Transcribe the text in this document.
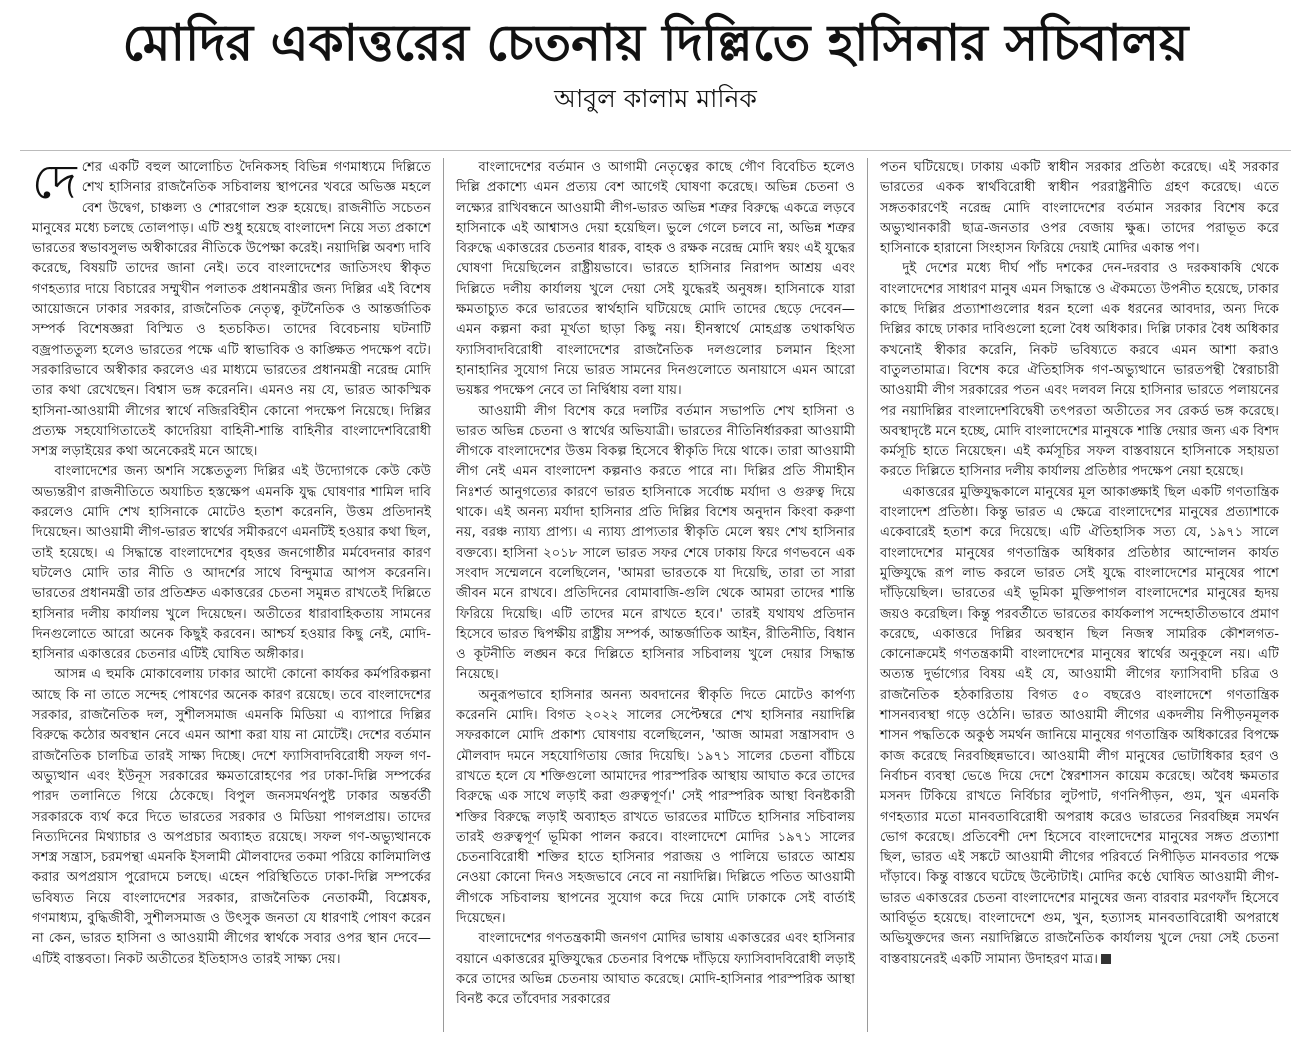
মোদির একাত্তরের চেতনায় দিল্লিতে হাসিনার সচিবালয়
আবুল কালাম মানিক

দেশের একটি বহুল আলোচিত দৈনিকসহ বিভিন্ন গণমাধ্যমে দিল্লিতে শেখ হাসিনার রাজনৈতিক সচিবালয় স্থাপনের খবরে অভিজ্ঞ মহলে বেশ উদ্বেগ, চাঞ্চল্য ও শোরগোল শুরু হয়েছে। রাজনীতি সচেতন মানুষের মধ্যে চলছে তোলপাড়। এটি শুধু হয়েছে বাংলাদেশ নিয়ে সত্য প্রকাশে ভারতের স্বভাবসুলভ অস্বীকারের নীতিকে উপেক্ষা করেই। নয়াদিল্লি অবশ্য দাবি করেছে, বিষয়টি তাদের জানা নেই। তবে বাংলাদেশের জাতিসংঘ স্বীকৃত গণহত্যার দায়ে বিচারের সম্মুখীন পলাতক প্রধানমন্ত্রীর জন্য দিল্লির এই বিশেষ আয়োজনে ঢাকার সরকার, রাজনৈতিক নেতৃত্ব, কূটনৈতিক ও আন্তর্জাতিক সম্পর্ক বিশেষজ্ঞরা বিস্মিত ও হতচকিত। তাদের বিবেচনায় ঘটনাটি বজ্রপাততুল্য হলেও ভারতের পক্ষে এটি স্বাভাবিক ও কাঙ্ক্ষিত পদক্ষেপ বটে। সরকারিভাবে অস্বীকার করলেও এর মাধ্যমে ভারতের প্রধানমন্ত্রী নরেন্দ্র মোদি তার কথা রেখেছেন। বিশ্বাস ভঙ্গ করেননি। এমনও নয় যে, ভারত আকস্মিক হাসিনা-আওয়ামী লীগের স্বার্থে নজিরবিহীন কোনো পদক্ষেপ নিয়েছে। দিল্লির প্রত্যক্ষ সহযোগিতাতেই কাদেরিয়া বাহিনী-শান্তি বাহিনীর বাংলাদেশবিরোধী সশস্ত্র লড়াইয়ের কথা অনেকেরই মনে আছে।

বাংলাদেশের জন্য অশনি সঙ্কেততুল্য দিল্লির এই উদ্যোগকে কেউ কেউ অভ্যন্তরীণ রাজনীতিতে অযাচিত হস্তক্ষেপ এমনকি যুদ্ধ ঘোষণার শামিল দাবি করলেও মোদি শেখ হাসিনাকে মোটেও হতাশ করেননি, উত্তম প্রতিদানই দিয়েছেন। আওয়ামী লীগ-ভারত স্বার্থের সমীকরণে এমনটিই হওয়ার কথা ছিল, তাই হয়েছে। এ সিদ্ধান্তে বাংলাদেশের বৃহত্তর জনগোষ্ঠীর মর্মবেদনার কারণ ঘটলেও মোদি তার নীতি ও আদর্শের সাথে বিন্দুমাত্র আপস করেননি। ভারতের প্রধানমন্ত্রী তার প্রতিশ্রুত একাত্তরের চেতনা সমুন্নত রাখতেই দিল্লিতে হাসিনার দলীয় কার্যালয় খুলে দিয়েছেন। অতীতের ধারাবাহিকতায় সামনের দিনগুলোতে আরো অনেক কিছুই করবেন। আশ্চর্য হওয়ার কিছু নেই, মোদি-হাসিনার একাত্তরের চেতনার এটিই ঘোষিত অঙ্গীকার।

আসন্ন এ হুমকি মোকাবেলায় ঢাকার আদৌ কোনো কার্যকর কর্মপরিকল্পনা আছে কি না তাতে সন্দেহ পোষণের অনেক কারণ রয়েছে। তবে বাংলাদেশের সরকার, রাজনৈতিক দল, সুশীলসমাজ এমনকি মিডিয়া এ ব্যাপারে দিল্লির বিরুদ্ধে কঠোর অবস্থান নেবে এমন আশা করা যায় না মোটেই। দেশের বর্তমান রাজনৈতিক চালচিত্র তারই সাক্ষ্য দিচ্ছে। দেশে ফ্যাসিবাদবিরোধী সফল গণ-অভ্যুত্থান এবং ইউনূস সরকারের ক্ষমতারোহণের পর ঢাকা-দিল্লি সম্পর্কের পারদ তলানিতে গিয়ে ঠেকেছে। বিপুল জনসমর্থনপুষ্ট ঢাকার অন্তর্বর্তী সরকারকে ব্যর্থ করে দিতে ভারতের সরকার ও মিডিয়া পাগলপ্রায়। তাদের নিত্যদিনের মিথ্যাচার ও অপপ্রচার অব্যাহত রয়েছে। সফল গণ-অভ্যুত্থানকে সশস্ত্র সন্ত্রাস, চরমপন্থা এমনকি ইসলামী মৌলবাদের তকমা পরিয়ে কালিমালিপ্ত করার অপপ্রয়াস পুরোদমে চলছে। এহেন পরিস্থিতিতে ঢাকা-দিল্লি সম্পর্কের ভবিষ্যত নিয়ে বাংলাদেশের সরকার, রাজনৈতিক নেতাকর্মী, বিশ্লেষক, গণমাধ্যম, বুদ্ধিজীবী, সুশীলসমাজ ও উৎসুক জনতা যে ধারণাই পোষণ করেন না কেন, ভারত হাসিনা ও আওয়ামী লীগের স্বার্থকে সবার ওপর স্থান দেবে— এটিই বাস্তবতা। নিকট অতীতের ইতিহাসও তারই সাক্ষ্য দেয়।

বাংলাদেশের বর্তমান ও আগামী নেতৃত্বের কাছে গৌণ বিবেচিত হলেও দিল্লি প্রকাশ্যে এমন প্রত্যয় বেশ আগেই ঘোষণা করেছে। অভিন্ন চেতনা ও লক্ষ্যের রাখিবন্ধনে আওয়ামী লীগ-ভারত অভিন্ন শত্রুর বিরুদ্ধে একত্রে লড়বে হাসিনাকে এই আশ্বাসও দেয়া হয়েছিল। ভুলে গেলে চলবে না, অভিন্ন শত্রুর বিরুদ্ধে একাত্তরের চেতনার ধারক, বাহক ও রক্ষক নরেন্দ্র মোদি স্বয়ং এই যুদ্ধের ঘোষণা দিয়েছিলেন রাষ্ট্রীয়ভাবে। ভারতে হাসিনার নিরাপদ আশ্রয় এবং দিল্লিতে দলীয় কার্যালয় খুলে দেয়া সেই যুদ্ধেরই অনুষঙ্গ। হাসিনাকে যারা ক্ষমতাচ্যুত করে ভারতের স্বার্থহানি ঘটিয়েছে মোদি তাদের ছেড়ে দেবেন— এমন কল্পনা করা মূর্খতা ছাড়া কিছু নয়। হীনস্বার্থে মোহগ্রস্ত তথাকথিত ফ্যাসিবাদবিরোধী বাংলাদেশের রাজনৈতিক দলগুলোর চলমান হিংসা হানাহানির সুযোগ নিয়ে ভারত সামনের দিনগুলোতে অনায়াসে এমন আরো ভয়ঙ্কর পদক্ষেপ নেবে তা নির্দ্বিধায় বলা যায়।

আওয়ামী লীগ বিশেষ করে দলটির বর্তমান সভাপতি শেখ হাসিনা ও ভারত অভিন্ন চেতনা ও স্বার্থের অভিযাত্রী। ভারতের নীতিনির্ধারকরা আওয়ামী লীগকে বাংলাদেশের উত্তম বিকল্প হিসেবে স্বীকৃতি দিয়ে থাকে। তারা আওয়ামী লীগ নেই এমন বাংলাদেশ কল্পনাও করতে পারে না। দিল্লির প্রতি সীমাহীন নিঃশর্ত আনুগত্যের কারণে ভারত হাসিনাকে সর্বোচ্চ মর্যাদা ও গুরুত্ব দিয়ে থাকে। এই অনন্য মর্যাদা হাসিনার প্রতি দিল্লির বিশেষ অনুদান কিংবা করুণা নয়, বরঞ্চ ন্যায্য প্রাপ্য। এ ন্যায্য প্রাপ্যতার স্বীকৃতি মেলে স্বয়ং শেখ হাসিনার বক্তব্যে। হাসিনা ২০১৮ সালে ভারত সফর শেষে ঢাকায় ফিরে গণভবনে এক সংবাদ সম্মেলনে বলেছিলেন, 'আমরা ভারতকে যা দিয়েছি, তারা তা সারা জীবন মনে রাখবে। প্রতিদিনের বোমাবাজি-গুলি থেকে আমরা তাদের শান্তি ফিরিয়ে দিয়েছি। এটি তাদের মনে রাখতে হবে।' তারই যথাযথ প্রতিদান হিসেবে ভারত দ্বিপক্ষীয় রাষ্ট্রীয় সম্পর্ক, আন্তর্জাতিক আইন, রীতিনীতি, বিধান ও কূটনীতি লঙ্ঘন করে দিল্লিতে হাসিনার সচিবালয় খুলে দেয়ার সিদ্ধান্ত নিয়েছে।

অনুরূপভাবে হাসিনার অনন্য অবদানের স্বীকৃতি দিতে মোটেও কার্পণ্য করেননি মোদি। বিগত ২০২২ সালের সেপ্টেম্বরে শেখ হাসিনার নয়াদিল্লি সফরকালে মোদি প্রকাশ্য ঘোষণায় বলেছিলেন, 'আজ আমরা সন্ত্রাসবাদ ও মৌলবাদ দমনে সহযোগিতায় জোর দিয়েছি। ১৯৭১ সালের চেতনা বাঁচিয়ে রাখতে হলে যে শক্তিগুলো আমাদের পারস্পরিক আস্থায় আঘাত করে তাদের বিরুদ্ধে এক সাথে লড়াই করা গুরুত্বপূর্ণ।' সেই পারস্পরিক আস্থা বিনষ্টকারী শক্তির বিরুদ্ধে লড়াই অব্যাহত রাখতে ভারতের মাটিতে হাসিনার সচিবালয় তারই গুরুত্বপূর্ণ ভূমিকা পালন করবে। বাংলাদেশে মোদির ১৯৭১ সালের চেতনাবিরোধী শক্তির হাতে হাসিনার পরাজয় ও পালিয়ে ভারতে আশ্রয় নেওয়া কোনো দিনও সহজভাবে নেবে না নয়াদিল্লি। দিল্লিতে পতিত আওয়ামী লীগকে সচিবালয় স্থাপনের সুযোগ করে দিয়ে মোদি ঢাকাকে সেই বার্তাই দিয়েছেন।

বাংলাদেশের গণতন্ত্রকামী জনগণ মোদির ভাষায় একাত্তরের এবং হাসিনার বয়ানে একাত্তরের মুক্তিযুদ্ধের চেতনার বিপক্ষে দাঁড়িয়ে ফ্যাসিবাদবিরোধী লড়াই করে তাদের অভিন্ন চেতনায় আঘাত করেছে। মোদি-হাসিনার পারস্পরিক আস্থা বিনষ্ট করে তাঁবেদার সরকারের

পতন ঘটিয়েছে। ঢাকায় একটি স্বাধীন সরকার প্রতিষ্ঠা করেছে। এই সরকার ভারতের একক স্বার্থবিরোধী স্বাধীন পররাষ্ট্রনীতি গ্রহণ করেছে। এতে সঙ্গতকারণেই নরেন্দ্র মোদি বাংলাদেশের বর্তমান সরকার বিশেষ করে অভ্যুত্থানকারী ছাত্র-জনতার ওপর বেজায় ক্ষুব্ধ। তাদের পরাভূত করে হাসিনাকে হারানো সিংহাসন ফিরিয়ে দেয়াই মোদির একান্ত পণ।

দুই দেশের মধ্যে দীর্ঘ পাঁচ দশকের দেন-দরবার ও দরকষাকষি থেকে বাংলাদেশের সাধারণ মানুষ এমন সিদ্ধান্তে ও ঐকমত্যে উপনীত হয়েছে, ঢাকার কাছে দিল্লির প্রত্যাশাগুলোর ধরন হলো এক ধরনের আবদার, অন্য দিকে দিল্লির কাছে ঢাকার দাবিগুলো হলো বৈধ অধিকার। দিল্লি ঢাকার বৈধ অধিকার কখনোই স্বীকার করেনি, নিকট ভবিষ্যতে করবে এমন আশা করাও বাতুলতামাত্র। বিশেষ করে ঐতিহাসিক গণ-অভ্যুত্থানে ভারতপন্থী স্বৈরাচারী আওয়ামী লীগ সরকারের পতন এবং দলবল নিয়ে হাসিনার ভারতে পলায়নের পর নয়াদিল্লির বাংলাদেশবিদ্বেষী তৎপরতা অতীতের সব রেকর্ড ভঙ্গ করেছে। অবস্থাদৃষ্টে মনে হচ্ছে, মোদি বাংলাদেশের মানুষকে শাস্তি দেয়ার জন্য এক বিশদ কর্মসূচি হাতে নিয়েছেন। এই কর্মসূচির সফল বাস্তবায়নে হাসিনাকে সহায়তা করতে দিল্লিতে হাসিনার দলীয় কার্যালয় প্রতিষ্ঠার পদক্ষেপ নেয়া হয়েছে।

একাত্তরের মুক্তিযুদ্ধকালে মানুষের মূল আকাঙ্ক্ষাই ছিল একটি গণতান্ত্রিক বাংলাদেশ প্রতিষ্ঠা। কিন্তু ভারত এ ক্ষেত্রে বাংলাদেশের মানুষের প্রত্যাশাকে একেবারেই হতাশ করে দিয়েছে। এটি ঐতিহাসিক সত্য যে, ১৯৭১ সালে বাংলাদেশের মানুষের গণতান্ত্রিক অধিকার প্রতিষ্ঠার আন্দোলন কার্যত মুক্তিযুদ্ধে রূপ লাভ করলে ভারত সেই যুদ্ধে বাংলাদেশের মানুষের পাশে দাঁড়িয়েছিল। ভারতের এই ভূমিকা মুক্তিপাগল বাংলাদেশের মানুষের হৃদয় জয়ও করেছিল। কিন্তু পরবর্তীতে ভারতের কার্যকলাপ সন্দেহাতীতভাবে প্রমাণ করেছে, একাত্তরে দিল্লির অবস্থান ছিল নিজস্ব সামরিক কৌশলগত-কোনোক্রমেই গণতন্ত্রকামী বাংলাদেশের মানুষের স্বার্থের অনুকূলে নয়। এটি অত্যন্ত দুর্ভাগ্যের বিষয় এই যে, আওয়ামী লীগের ফ্যাসিবাদী চরিত্র ও রাজনৈতিক হঠকারিতায় বিগত ৫০ বছরেও বাংলাদেশে গণতান্ত্রিক শাসনব্যবস্থা গড়ে ওঠেনি। ভারত আওয়ামী লীগের একদলীয় নিপীড়নমূলক শাসন পদ্ধতিকে অকুণ্ঠ সমর্থন জানিয়ে মানুষের গণতান্ত্রিক অধিকারের বিপক্ষে কাজ করেছে নিরবচ্ছিন্নভাবে। আওয়ামী লীগ মানুষের ভোটাধিকার হরণ ও নির্বাচন ব্যবস্থা ভেঙে দিয়ে দেশে স্বৈরশাসন কায়েম করেছে। অবৈধ ক্ষমতার মসনদ টিকিয়ে রাখতে নির্বিচার লুটপাট, গণনিপীড়ন, গুম, খুন এমনকি গণহত্যার মতো মানবতাবিরোধী অপরাধ করেও ভারতের নিরবচ্ছিন্ন সমর্থন ভোগ করেছে। প্রতিবেশী দেশ হিসেবে বাংলাদেশের মানুষের সঙ্গত প্রত্যাশা ছিল, ভারত এই সঙ্কটে আওয়ামী লীগের পরিবর্তে নিপীড়িত মানবতার পক্ষে দাঁড়াবে। কিন্তু বাস্তবে ঘটেছে উল্টোটাই। মোদির কণ্ঠে ঘোষিত আওয়ামী লীগ-ভারত একাত্তরের চেতনা বাংলাদেশের মানুষের জন্য বারবার মরণফাঁদ হিসেবে আবির্ভূত হয়েছে। বাংলাদেশে গুম, খুন, হত্যাসহ মানবতাবিরোধী অপরাধে অভিযুক্তদের জন্য নয়াদিল্লিতে রাজনৈতিক কার্যালয় খুলে দেয়া সেই চেতনা বাস্তবায়নেরই একটি সামান্য উদাহরণ মাত্র।
